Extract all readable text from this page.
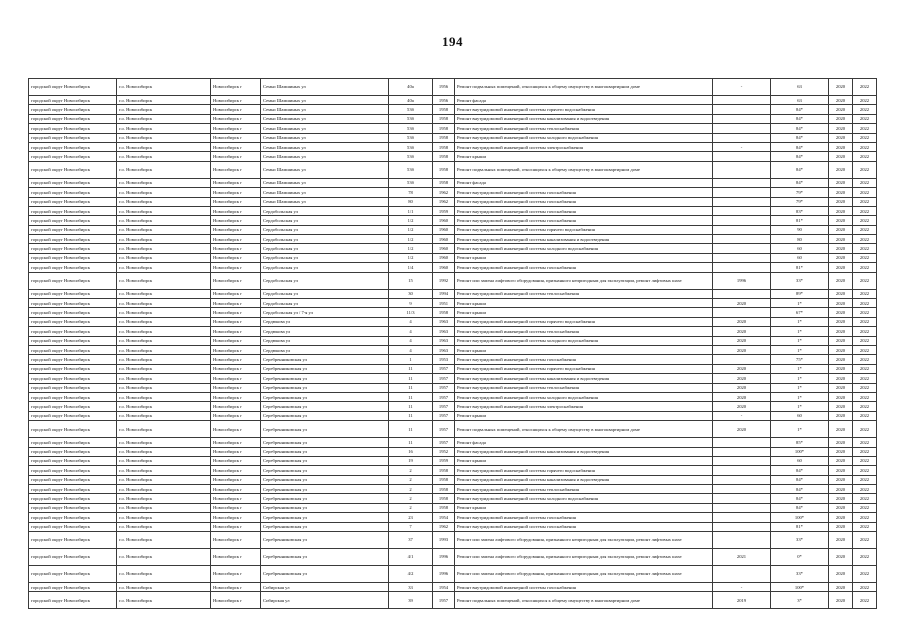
194
городской округ Новосибирск	г.о. Новосибирск	Новосибирск г	Семьи Шамшиных ул	40а	1956	Ремонт подвальных помещений, относящихся к общему имуществу в многоквартирном доме	-	63	2020	2022
городской округ Новосибирск	г.о. Новосибирск	Новосибирск г	Семьи Шамшиных ул	40а	1956	Ремонт фасада		63	2020	2022
городской округ Новосибирск	г.о. Новосибирск	Новосибирск г	Семьи Шамшиных ул	53б	1958	Ремонт внутридомовой инженерной системы горячего водоснабжения		84*	2020	2022
городской округ Новосибирск	г.о. Новосибирск	Новосибирск г	Семьи Шамшиных ул	53б	1958	Ремонт внутридомовой инженерной системы канализования и водоотведения		84*	2020	2022
городской округ Новосибирск	г.о. Новосибирск	Новосибирск г	Семьи Шамшиных ул	53б	1958	Ремонт внутридомовой инженерной системы теплоснабжения		84*	2020	2022
городской округ Новосибирск	г.о. Новосибирск	Новосибирск г	Семьи Шамшиных ул	53б	1958	Ремонт внутридомовой инженерной системы холодного водоснабжения		84*	2020	2022
городской округ Новосибирск	г.о. Новосибирск	Новосибирск г	Семьи Шамшиных ул	53б	1958	Ремонт внутридомовой инженерной системы электроснабжения	-	84*	2020	2022
городской округ Новосибирск	г.о. Новосибирск	Новосибирск г	Семьи Шамшиных ул	53б	1958	Ремонт крыши		84*	2020	2022
городской округ Новосибирск	г.о. Новосибирск	Новосибирск г	Семьи Шамшиных ул	53б	1958	Ремонт подвальных помещений, относящихся к общему имуществу в многоквартирном доме		84*	2020	2022
городской округ Новосибирск	г.о. Новосибирск	Новосибирск г	Семьи Шамшиных ул	53б	1958	Ремонт фасада		84*	2020	2022
городской округ Новосибирск	г.о. Новосибирск	Новосибирск г	Семьи Шамшиных ул	78	1962	Ремонт внутридомовой инженерной системы газоснабжения		79*	2020	2022
городской округ Новосибирск	г.о. Новосибирск	Новосибирск г	Семьи Шамшиных ул	80	1962	Ремонт внутридомовой инженерной системы газоснабжения		79*	2020	2022
городской округ Новосибирск	г.о. Новосибирск	Новосибирск г	Сердобольская ул	1/1	1959	Ремонт внутридомовой инженерной системы газоснабжения		83*	2020	2022
городской округ Новосибирск	г.о. Новосибирск	Новосибирск г	Сердобольская ул	1/2	1960	Ремонт внутридомовой инженерной системы газоснабжения		81*	2020	2022
городской округ Новосибирск	г.о. Новосибирск	Новосибирск г	Сердобольская ул	1/2	1960	Ремонт внутридомовой инженерной системы горячего водоснабжения		90	2020	2022
городской округ Новосибирск	г.о. Новосибирск	Новосибирск г	Сердобольская ул	1/2	1960	Ремонт внутридомовой инженерной системы канализования и водоотведения		80	2020	2022
городской округ Новосибирск	г.о. Новосибирск	Новосибирск г	Сердобольская ул	1/2	1960	Ремонт внутридомовой инженерной системы холодного водоснабжения		60	2020	2022
городской округ Новосибирск	г.о. Новосибирск	Новосибирск г	Сердобольская ул	1/2	1960	Ремонт крыши		60	2020	2022
городской округ Новосибирск	г.о. Новосибирск	Новосибирск г	Сердобольская ул	1/4	1960	Ремонт внутридомовой инженерной системы газоснабжения		81*	2020	2022
городской округ Новосибирск	г.о. Новосибирск	Новосибирск г	Сердобольская ул	15	1992	Ремонт или замена лифтового оборудования, признанного непригодным для эксплуатации, ремонт лифтовых шахт	1996	33*	2020	2022
городской округ Новосибирск	г.о. Новосибирск	Новосибирск г	Сердобольская ул	30	1994	Ремонт внутридомовой инженерной системы теплоснабжения		89*	2020	2022
городской округ Новосибирск	г.о. Новосибирск	Новосибирск г	Сердобольская ул	9	1951	Ремонт крыши	2020	1*	2020	2022
городской округ Новосибирск	г.о. Новосибирск	Новосибирск г	Сердобольская ул / 7-я ул	11/3	1958	Ремонт крыши		67*	2020	2022
городской округ Новосибирск	г.о. Новосибирск	Новосибирск г	Сердюкова ул	4	1963	Ремонт внутридомовой инженерной системы горячего водоснабжения	2020	1*	2020	2022
городской округ Новосибирск	г.о. Новосибирск	Новосибирск г	Сердюкова ул	4	1963	Ремонт внутридомовой инженерной системы теплоснабжения	2020	1*	2020	2022
городской округ Новосибирск	г.о. Новосибирск	Новосибирск г	Сердюкова ул	4	1963	Ремонт внутридомовой инженерной системы холодного водоснабжения	2020	1*	2020	2022
городской округ Новосибирск	г.о. Новосибирск	Новосибирск г	Сердюкова ул	4	1963	Ремонт крыши	2020	1*	2020	2022
городской округ Новосибирск	г.о. Новосибирск	Новосибирск г	Серебренниковская ул	1	1953	Ремонт внутридомовой инженерной системы газоснабжения		75*	2020	2022
городской округ Новосибирск	г.о. Новосибирск	Новосибирск г	Серебренниковская ул	11	1957	Ремонт внутридомовой инженерной системы горячего водоснабжения	2020	1*	2020	2022
городской округ Новосибирск	г.о. Новосибирск	Новосибирск г	Серебренниковская ул	11	1957	Ремонт внутридомовой инженерной системы канализования и водоотведения	2020	1*	2020	2022
городской округ Новосибирск	г.о. Новосибирск	Новосибирск г	Серебренниковская ул	11	1957	Ремонт внутридомовой инженерной системы теплоснабжения	2020	1*	2020	2022
городской округ Новосибирск	г.о. Новосибирск	Новосибирск г	Серебренниковская ул	11	1957	Ремонт внутридомовой инженерной системы холодного водоснабжения	2020	1*	2020	2022
городской округ Новосибирск	г.о. Новосибирск	Новосибирск г	Серебренниковская ул	11	1957	Ремонт внутридомовой инженерной системы электроснабжения	2020	1*	2020	2022
городской округ Новосибирск	г.о. Новосибирск	Новосибирск г	Серебренниковская ул	11	1957	Ремонт крыши	-	60	2020	2022
городской округ Новосибирск	г.о. Новосибирск	Новосибирск г	Серебренниковская ул	11	1957	Ремонт подвальных помещений, относящихся к общему имуществу в многоквартирном доме	2020	1*	2020	2022
городской округ Новосибирск	г.о. Новосибирск	Новосибирск г	Серебренниковская ул	11	1957	Ремонт фасада		85*	2020	2022
городской округ Новосибирск	г.о. Новосибирск	Новосибирск г	Серебренниковская ул	16	1952	Ремонт внутридомовой инженерной системы канализования и водоотведения		100*	2020	2022
городской округ Новосибирск	г.о. Новосибирск	Новосибирск г	Серебренниковская ул	19	1959	Ремонт крыши		60	2020	2022
городской округ Новосибирск	г.о. Новосибирск	Новосибирск г	Серебренниковская ул	2	1958	Ремонт внутридомовой инженерной системы горячего водоснабжения		84*	2020	2022
городской округ Новосибирск	г.о. Новосибирск	Новосибирск г	Серебренниковская ул	2	1958	Ремонт внутридомовой инженерной системы канализования и водоотведения		84*	2020	2022
городской округ Новосибирск	г.о. Новосибирск	Новосибирск г	Серебренниковская ул	2	1958	Ремонт внутридомовой инженерной системы теплоснабжения		84*	2020	2022
городской округ Новосибирск	г.о. Новосибирск	Новосибирск г	Серебренниковская ул	2	1958	Ремонт внутридомовой инженерной системы холодного водоснабжения		84*	2020	2022
городской округ Новосибирск	г.о. Новосибирск	Новосибирск г	Серебренниковская ул	2	1958	Ремонт крыши		84*	2020	2022
городской округ Новосибирск	г.о. Новосибирск	Новосибирск г	Серебренниковская ул	23	1954	Ремонт внутридомовой инженерной системы газоснабжения		100*	2020	2022
городской округ Новосибирск	г.о. Новосибирск	Новосибирск г	Серебренниковская ул	7	1962	Ремонт внутридомовой инженерной системы газоснабжения		81*	2020	2022
городской округ Новосибирск	г.о. Новосибирск	Новосибирск г	Серебренниковская ул	37	1993	Ремонт или замена лифтового оборудования, признанного непригодным для эксплуатации, ремонт лифтовых шахт		33*	2020	2022
городской округ Новосибирск	г.о. Новосибирск	Новосибирск г	Серебренниковская ул	4/1	1996	Ремонт или замена лифтового оборудования, признанного непригодным для эксплуатации, ремонт лифтовых шахт	2021	0*	2020	2022
городской округ Новосибирск	г.о. Новосибирск	Новосибирск г	Серебренниковская ул	4/2	1996	Ремонт или замена лифтового оборудования, признанного непригодным для эксплуатации, ремонт лифтовых шахт		33*	2020	2022
городской округ Новосибирск	г.о. Новосибирск	Новосибирск г	Сибирская ул	33	1954	Ремонт внутридомовой инженерной системы газоснабжения	-	100*	2020	2022
городской округ Новосибирск	г.о. Новосибирск	Новосибирск г	Сибирская ул	39	1957	Ремонт подвальных помещений, относящихся к общему имуществу в многоквартирном доме	2019	3*	2020	2022
